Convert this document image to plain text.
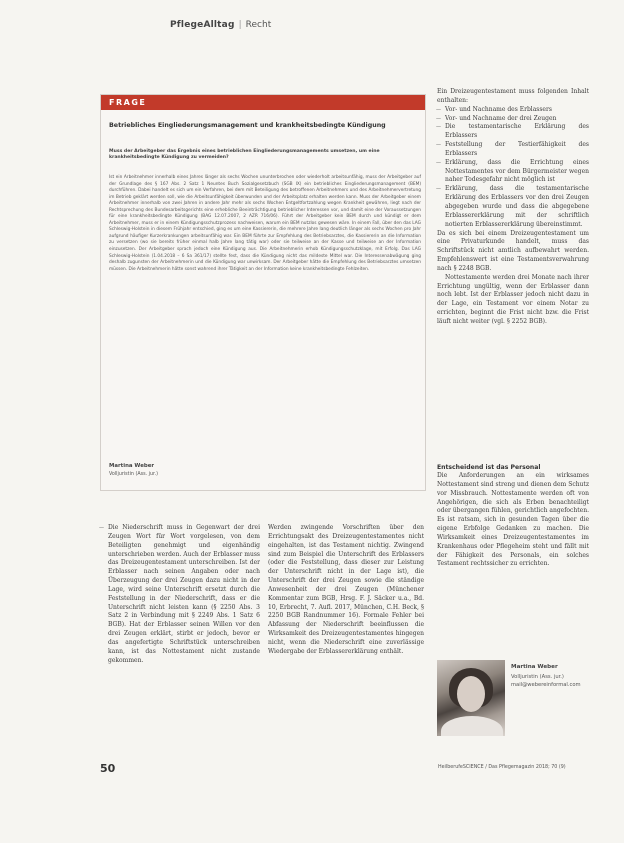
PflegeAlltag | Recht
FRAGE
Betriebliches Eingliederungsmanagement und krankheitsbedingte Kündigung
Muss der Arbeitgeber das Ergebnis eines betrieblichen Eingliederungsmanagements umsetzen, um eine krankheitsbedingte Kündigung zu vermeiden?
Ist ein Arbeitnehmer innerhalb eines Jahres länger als sechs Wochen ununterbrochen oder wiederholt arbeitsunfähig, muss der Arbeitgeber auf der Grundlage des § 167 Abs. 2 Satz 1 Neuntes Buch Sozialgesetzbuch (SGB IX) ein betriebliches Eingliederungsmanagement (BEM) durchführen. Dabei handelt es sich um ein Verfahren, bei dem mit Beteiligung des betroffenen Arbeitnehmers und des Arbeitnehmervertretung im Betrieb geklärt werden soll, wie die Arbeitsunfähigkeit überwunden und der Arbeitsplatz erhalten werden kann. Muss der Arbeitgeber einem Arbeitnehmer innerhalb von zwei Jahren in andere Jahr mehr als sechs Wochen Entgeltfortzahlung wegen Krankheit gewähren, liegt nach der Rechtsprechung des Bundesarbeitsgerichts eine erhebliche Beeinträchtigung betrieblicher Interessen vor, und damit eine der Voraussetzungen für eine krankheitsbedingte Kündigung (BAG 12.07.2007, 2 AZR 716/06). Führt der Arbeitgeber kein BEM durch und kündigt er dem Arbeitnehmer, muss er in einem Kündigungsschutzprozess nachweisen, warum ein BEM nutzlos gewesen wäre. In einem Fall, über den das LAG Schleswig-Holstein in diesem Frühjahr entschied, ging es um eine Kassiererin, die mehrere Jahre lang deutlich länger als sechs Wochen pro Jahr aufgrund häufiger Kurzerkrankungen arbeitsunfähig war. Ein BEM führte zur Empfehlung des Betriebsarztes, die Kassiererin an die Information zu versetzen (wo sie bereits früher einmal halb Jahre lang tätig war) oder sie teilweise an der Kasse und teilweise an der Information einzusetzen. Der Arbeitgeber sprach jedoch eine Kündigung aus. Die Arbeitnehmerin erhob Kündigungsschutzklage, mit Erfolg. Das LAG Schleswig-Holstein (1.04.2018 – 6 Sa 361/17) stellte fest, dass die Kündigung nicht das mildeste Mittel war. Die Interessenabwägung ging deshalb zugunsten der Arbeitnehmerin und die Kündigung war unwirksam. Der Arbeitgeber hätte die Empfehlung des Betriebsarztes umsetzen müssen. Die Arbeitnehmerin hätte sonst wahrend ihrer Tätigkeit an der Information keine krankheitsbedingte Fehlzeiten.
Martina Weber
Volljuristin (Ass. jur.)

Ein Dreizeugentestament muss folgenden Inhalt enthalten:

— Vor- und Nachname des Erblassers

— Vor- und Nachname der drei Zeugen

— Die testamentarische Erklärung des Erblassers

— Feststellung der Testierfähigkeit des Erblassers

— Erklärung, dass die Errichtung eines Nottestamentes vor dem Bürgermeister wegen naher Todesgefahr nicht möglich ist

— Erklärung, dass die testamentarische Erklärung des Erblassers vor den drei Zeugen abgegeben wurde und dass die abgegebene Erblassererklärung mit der schriftlich notierten Erblassererklärung übereinstimmt.

Da es sich bei einem Dreizeugentestament um eine Privaturkunde handelt, muss das Schriftstück nicht amtlich aufbewahrt werden. Empfehlenswert ist eine Testamentsverwahrung nach § 2248 BGB.

Nottestamente werden drei Monate nach ihrer Errichtung ungültig, wenn der Erblasser dann noch lebt. Ist der Erblasser jedoch nicht dazu in der Lage, ein Testament vor einem Notar zu errichten, beginnt die Frist nicht bzw. die Frist läuft nicht weiter (vgl. § 2252 BGB).

Entscheidend ist das Personal

Die Anforderungen an ein wirksames Nottestament sind streng und dienen dem Schutz vor Missbrauch. Nottestamente werden oft von Angehörigen, die sich als Erben benachteiligt oder übergangen fühlen, gerichtlich angefochten. Es ist ratsam, sich in gesunden Tagen über die eigene Erbfolge Gedanken zu machen. Die Wirksamkeit eines Dreizeugentestamentes im Krankenhaus oder Pflegeheim steht und fällt mit der Fähigkeit des Personals, ein solches Testament rechtssicher zu errichten.

— Die Niederschrift muss in Gegenwart der drei Zeugen Wort für Wort vorgelesen, von dem Beteiligten genehmigt und eigenhändig unterschrieben werden. Auch der Erblasser muss das Dreizeugentestament unterschreiben. Ist der Erblasser nach seinen Angaben oder nach Überzeugung der drei Zeugen dazu nicht in der Lage, wird seine Unterschrift ersetzt durch die Feststellung in der Niederschrift, dass er die Unterschrift nicht leisten kann (§ 2250 Abs. 3 Satz 2 in Verbindung mit § 2249 Abs. 1 Satz 6 BGB). Hat der Erblasser seinen Willen vor den drei Zeugen erklärt, stirbt er jedoch, bevor er das angefertigte Schriftstück unterschreiben kann, ist das Nottestament nicht zustande gekommen.

Werden zwingende Vorschriften über den Errichtungsakt des Dreizeugentestamentes nicht eingehalten, ist das Testament nichtig. Zwingend sind zum Beispiel die Unterschrift des Erblassers (oder die Feststellung, dass dieser zur Leistung der Unterschrift nicht in der Lage ist), die Unterschrift der drei Zeugen sowie die ständige Anwesenheit der drei Zeugen (Münchener Kommentar zum BGB, Hrsg. F. J. Säcker u.a., Bd. 10, Erbrecht, 7. Aufl. 2017, München, C.H. Beck, § 2250 BGB Randnummer 16). Formale Fehler bei Abfassung der Niederschrift beeinflussen die Wirksamkeit des Dreizeugentestamentes hingegen nicht, wenn die Niederschrift eine zuverlässige Wiedergabe der Erblassererklärung enthält.

Martina Weber
Volljuristin (Ass. jur.)
mail@webereinformal.com
50	HeilberufeSCIENCE / Das Pflegemagazin 2018; 70 (9)
